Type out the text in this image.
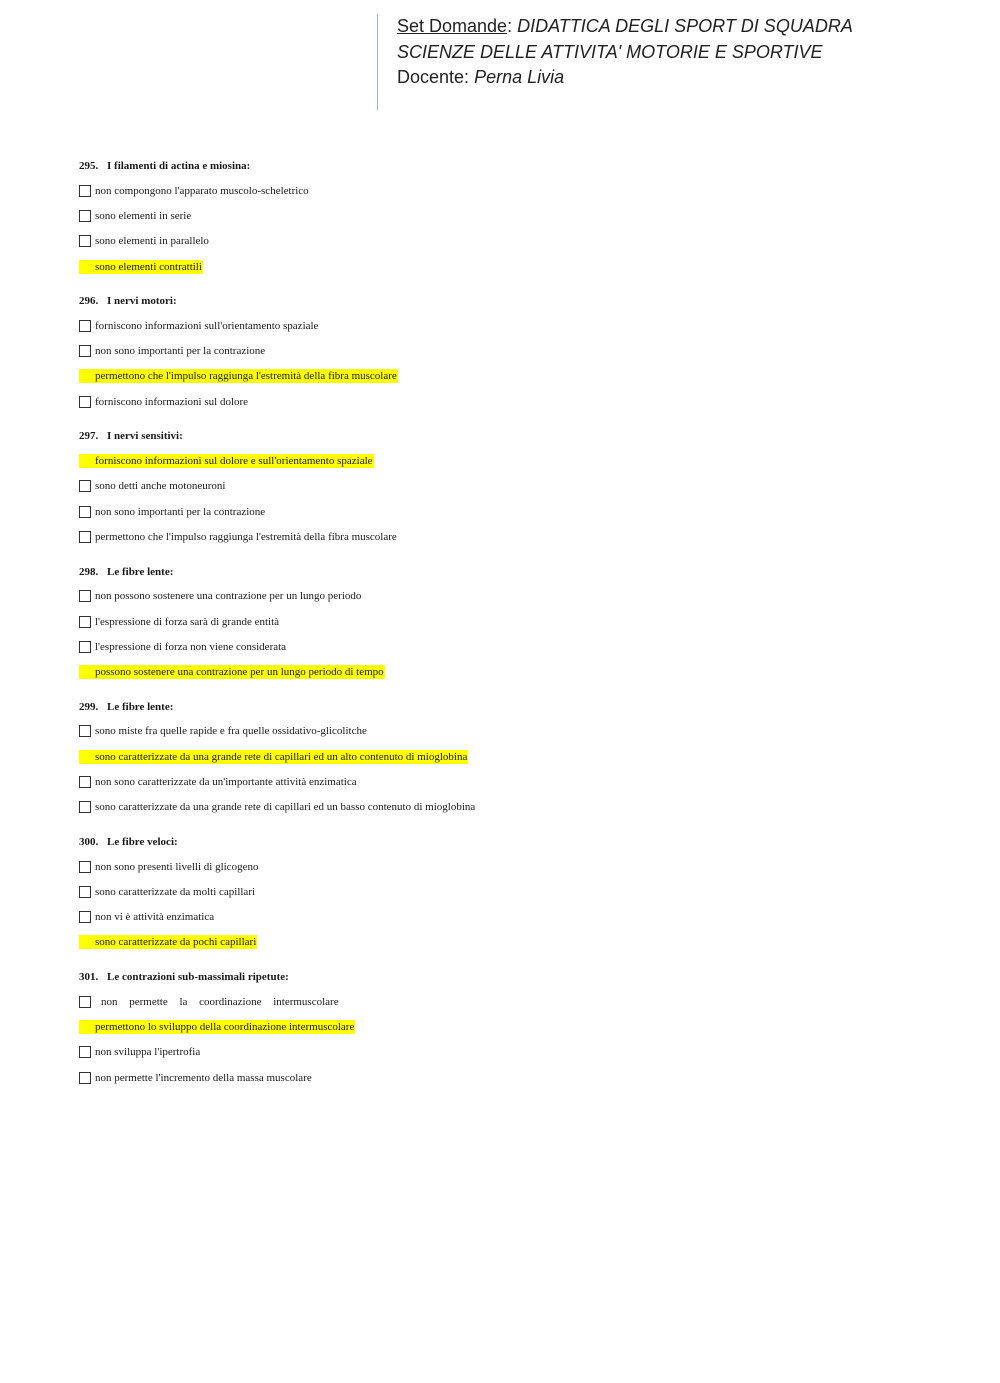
Set Domande: DIDATTICA DEGLI SPORT DI SQUADRA
SCIENZE DELLE ATTIVITA' MOTORIE E SPORTIVE
Docente: Perna Livia
295. I filamenti di actina e miosina:
non compongono l'apparato muscolo-scheletrico
sono elementi in serie
sono elementi in parallelo
sono elementi contrattili
296. I nervi motori:
forniscono informazioni sull'orientamento spaziale
non sono importanti per la contrazione
permettono che l'impulso raggiunga l'estremità della fibra muscolare
forniscono informazioni sul dolore
297. I nervi sensitivi:
forniscono informazioni sul dolore e sull'orientamento spaziale
sono detti anche motoneuroni
non sono importanti per la contrazione
permettono che l'impulso raggiunga l'estremità della fibra muscolare
298. Le fibre lente:
non possono sostenere una contrazione per un lungo periodo
l'espressione di forza sarà di grande entità
l'espressione di forza non viene considerata
possono sostenere una contrazione per un lungo periodo di tempo
299. Le fibre lente:
sono miste fra quelle rapide e fra quelle ossidativo-glicolitche
sono caratterizzate da una grande rete di capillari ed un alto contenuto di mioglobina
non sono caratterizzate da un'importante attività enzimatica
sono caratterizzate da una grande rete di capillari ed un basso contenuto di mioglobina
300. Le fibre veloci:
non sono presenti livelli di glicogeno
sono caratterizzate da molti capillari
non vi è attività enzimatica
sono caratterizzate da pochi capillari
301. Le contrazioni sub-massimali ripetute:
non permette la coordinazione intermuscolare
permettono lo sviluppo della coordinazione intermuscolare
non sviluppa l'ipertrofia
non permette l'incremento della massa muscolare
